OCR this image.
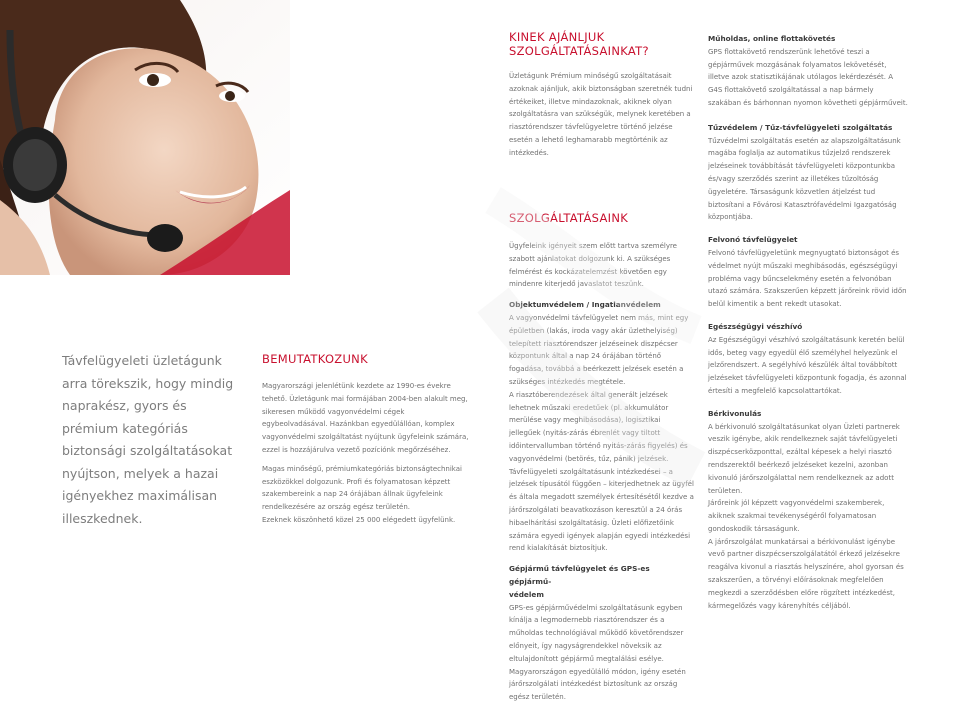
Távfelügyeleti üzletágunk arra törekszik, hogy mindig naprakész, gyors és prémium kategóriás biztonsági szolgáltatásokat nyújtson, melyek a hazai igényekhez maximálisan illeszkednek.
BEMUTATKOZUNK

Magyarországi jelenlétünk kezdete az 1990-es évekre tehető. Üzletágunk mai formájában 2004-ben alakult meg, sikeresen működő vagyonvédelmi cégek egybeolvadásával. Hazánkban egyedülállóan, komplex vagyonvédelmi szolgáltatást nyújtunk ügyfeleink számára, ezzel is hozzájárulva vezető pozíciónk megőrzéséhez.

Magas minőségű, prémiumkategóriás biztonságtechnikai eszközökkel dolgozunk. Profi és folyamatosan képzett szakembereink a nap 24 órájában állnak ügyfeleink rendelkezésére az ország egész területén.

Ezeknek köszönhető közel 25 000 elégedett ügyfelünk.

KINEK AJÁNLJUK
SZOLGÁLTATÁSAINKAT?

Üzletágunk Prémium minőségű szolgáltatásait azoknak ajánljuk, akik biztonságban szeretnék tudni értékeiket, illetve mindazoknak, akiknek olyan szolgáltatásra van szükségük, melynek keretében a riasztórendszer távfelügyeletre történő jelzése esetén a lehető leghamarabb megtörténik az intézkedés.

SZOLGÁLTATÁSAINK

Ügyfeleink igényeit szem előtt tartva személyre szabott ajánlatokat dolgozunk ki. A szükséges felmérést és kockázatelemzést követően egy mindenre kiterjedő javaslatot teszünk.

Objektumvédelem / Ingatlanvédelem

A vagyonvédelmi távfelügyelet nem más, mint egy épületben (lakás, iroda vagy akár üzlethelyiség) telepített riasztórendszer jelzéseinek diszpécser központunk által a nap 24 órájában történő fogadása, továbbá a beérkezett jelzések esetén a szükséges intézkedés megtétele.

A riasztóberendezések által generált jelzések lehetnek műszaki eredetűek (pl. akkumulátor merülése vagy meghibásodása), logisztikai jellegűek (nyitás-zárás ébrenlét vagy tiltott időintervallumban történő nyitás-zárás figyelés) és vagyonvédelmi (betörés, tűz, pánik) jelzések.

Távfelügyeleti szolgáltatásunk intézkedései – a jelzések típusától függően – kiterjedhetnek az ügyfél és általa megadott személyek értesítésétől kezdve a járőrszolgálati beavatkozáson keresztül a 24 órás hibaelhárítási szolgáltatásig. Üzleti előfizetőink számára egyedi igények alapján egyedi intézkedési rend kialakítását biztosítjuk.

Gépjármű távfelügyelet és GPS-es gépjármű-

védelem

GPS-es gépjárművédelmi szolgáltatásunk egyben kínálja a legmodernebb riasztórendszer és a műholdas technológiával működő követőrendszer előnyeit, így nagyságrendekkel növeksik az eltulajdonított gépjármű megtalálási esélye.

Magyarországon egyedülálló módon, igény esetén járőrszolgálati intézkedést biztosítunk az ország egész területén.

Műholdas, online flottakövetés

GPS flottakövető rendszerünk lehetővé teszi a gépjárművek mozgásának folyamatos lekövetését, illetve azok statisztikájának utólagos lekérdezését. A G4S flottakövető szolgáltatással a nap bármely szakában és bárhonnan nyomon követheti gépjárműveit.

Tűzvédelem / Tűz-távfelügyeleti szolgáltatás

Tűzvédelmi szolgáltatás esetén az alapszolgáltatásunk magába foglalja az automatikus tűzjelző rendszerek jelzéseinek továbbítását távfelügyeleti központunkba és/vagy szerződés szerint az illetékes tűzoltóság ügyeletére. Társaságunk közvetlen átjelzést tud biztosítani a Fővárosi Katasztrófavédelmi Igazgatóság központjába.

Felvonó távfelügyelet

Felvonó távfelügyeletünk megnyugtató biztonságot és védelmet nyújt műszaki meghibásodás, egészségügyi probléma vagy bűncselekmény esetén a felvonóban utazó számára. Szakszerűen képzett járőreink rövid időn belül kimentik a bent rekedt utasokat.

Egészségügyi vészhívó

Az Egészségügyi vészhívó szolgáltatásunk keretén belül idős, beteg vagy egyedül élő személyhel helyezünk el jelzőrendszert. A segélyhívó készülék által továbbított jelzéseket távfelügyeleti központunk fogadja, és azonnal értesíti a megfelelő kapcsolattartókat.

Bérkivonulás

A bérkivonuló szolgáltatásunkat olyan Üzleti partnerek veszik igénybe, akik rendelkeznek saját távfelügyeleti diszpécserközponttal, ezáltal képesek a helyi riasztó rendszerektől beérkező jelzéseket kezelni, azonban kivonuló járőrszolgálattal nem rendelkeznek az adott területen.

Járőreink jól képzett vagyonvédelmi szakemberek, akiknek szakmai tevékenységéről folyamatosan gondoskodik társaságunk.

A járőrszolgálat munkatársai a bérkivonulást igénybe vevő partner diszpécserszolgálatától érkező jelzésekre reagálva kivonul a riasztás helyszínére, ahol gyorsan és szakszerűen, a törvényi előírásoknak megfelelően megkezdi a szerződésben előre rögzített intézkedést, kármegelőzés vagy kárenyhítés céljából.
